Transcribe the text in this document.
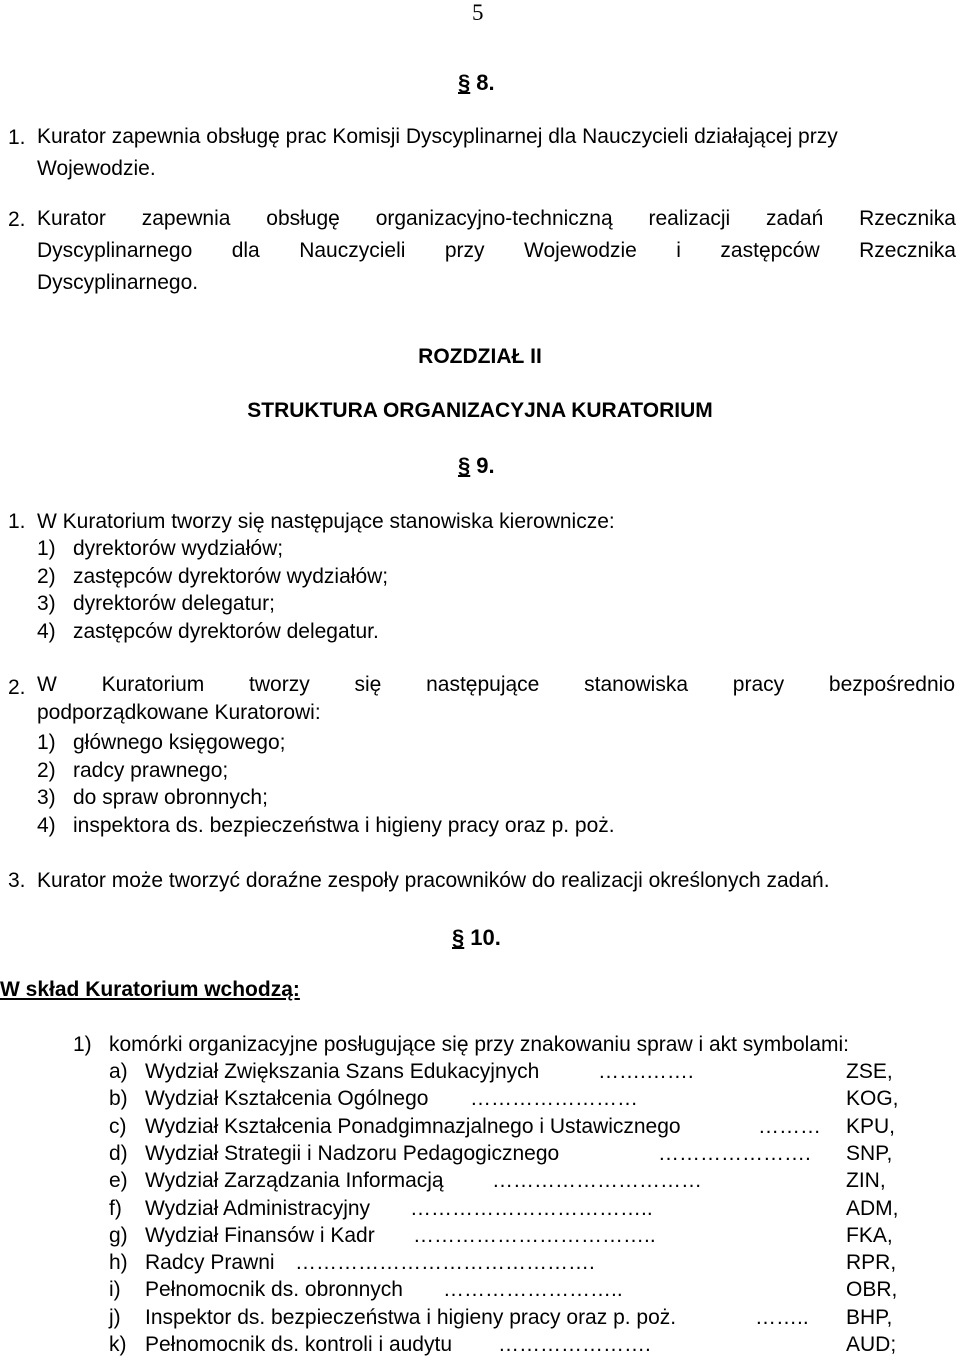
5
§ 8.
1. Kurator zapewnia obsługę prac Komisji Dyscyplinarnej dla Nauczycieli działającej przy
Wojewodzie.
2. Kurator zapewnia obsługę organizacyjno-techniczną realizacji zadań Rzecznika
Dyscyplinarnego dla Nauczycieli przy Wojewodzie i zastępców Rzecznika
Dyscyplinarnego.
ROZDZIAŁ II
STRUKTURA ORGANIZACYJNA KURATORIUM
§ 9.
1. W Kuratorium tworzy się następujące stanowiska kierownicze:
1) dyrektorów wydziałów;
2) zastępców dyrektorów wydziałów;
3) dyrektorów delegatur;
4) zastępców dyrektorów delegatur.
2. W Kuratorium tworzy się następujące stanowiska pracy bezpośrednio
podporządkowane Kuratorowi:
1) głównego księgowego;
2) radcy prawnego;
3) do spraw obronnych;
4) inspektora ds. bezpieczeństwa i higieny pracy oraz p. poż.
3. Kurator może tworzyć doraźne zespoły pracowników do realizacji określonych zadań.
§ 10.
W skład Kuratorium wchodzą:
1) komórki organizacyjne posługujące się przy znakowaniu spraw i akt symbolami:
a) Wydział Zwiększania Szans Edukacyjnych	…….…….	ZSE,
b) Wydział Kształcenia Ogólnego ……………………	KOG,
c) Wydział Kształcenia Ponadgimnazjalnego i Ustawicznego	……… KPU,
d) Wydział Strategii i Nadzoru Pedagogicznego	…………………. SNP,
e) Wydział Zarządzania Informacją …………………………	ZIN,
f) Wydział Administracyjny ……………………………..	ADM,
g) Wydział Finansów i Kadr ……………………………..	FKA,
h) Radcy Prawni …………………………………….	RPR,
i) Pełnomocnik ds. obronnych ……………………..	OBR,
j) Inspektor ds. bezpieczeństwa i higieny pracy oraz p. poż.	…….. BHP,
k) Pełnomocnik ds. kontroli i audytu ………………….	AUD;
